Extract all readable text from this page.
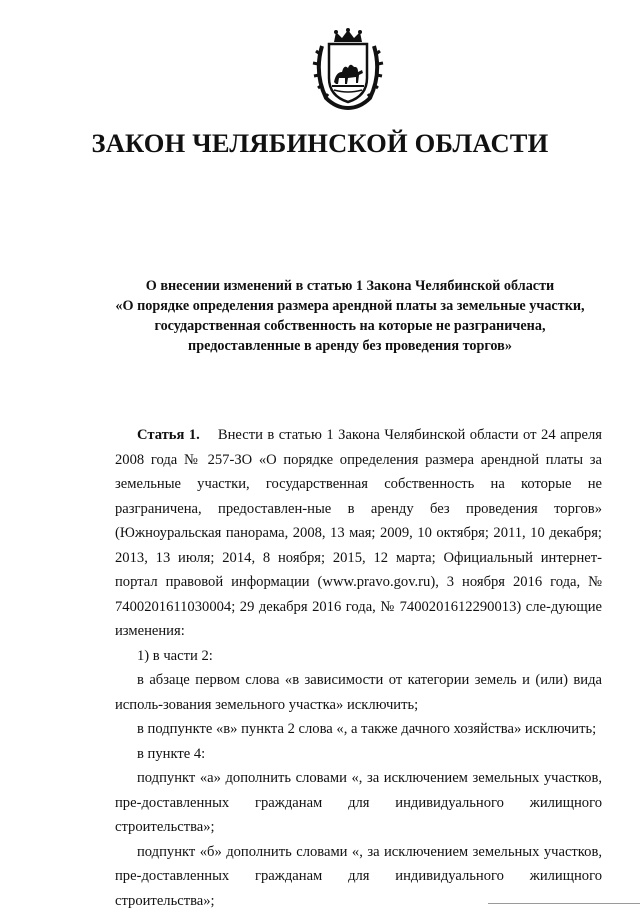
ЗАКОН ЧЕЛЯБИНСКОЙ ОБЛАСТИ
О внесении изменений в статью 1 Закона Челябинской области
«О порядке определения размера арендной платы за земельные участки,
государственная собственность на которые не разграничена,
предоставленные в аренду без проведения торгов»

Статья 1. Внести в статью 1 Закона Челябинской области от 24 апреля 2008 года № 257-ЗО «О порядке определения размера арендной платы за земельные участки, государственная собственность на которые не разграничена, предоставлен-ные в аренду без проведения торгов» (Южноуральская панорама, 2008, 13 мая; 2009, 10 октября; 2011, 10 декабря; 2013, 13 июля; 2014, 8 ноября; 2015, 12 марта; Официальный интернет-портал правовой информации (www.pravo.gov.ru), 3 ноября 2016 года, № 7400201611030004; 29 декабря 2016 года, № 7400201612290013) сле-дующие изменения:

1) в части 2:

в абзаце первом слова «в зависимости от категории земель и (или) вида исполь-зования земельного участка» исключить;

в подпункте «в» пункта 2 слова «, а также дачного хозяйства» исключить;

в пункте 4:

подпункт «а» дополнить словами «, за исключением земельных участков, пре-доставленных гражданам для индивидуального жилищного строительства»;

подпункт «б» дополнить словами «, за исключением земельных участков, пре-доставленных гражданам для индивидуального жилищного строительства»;
